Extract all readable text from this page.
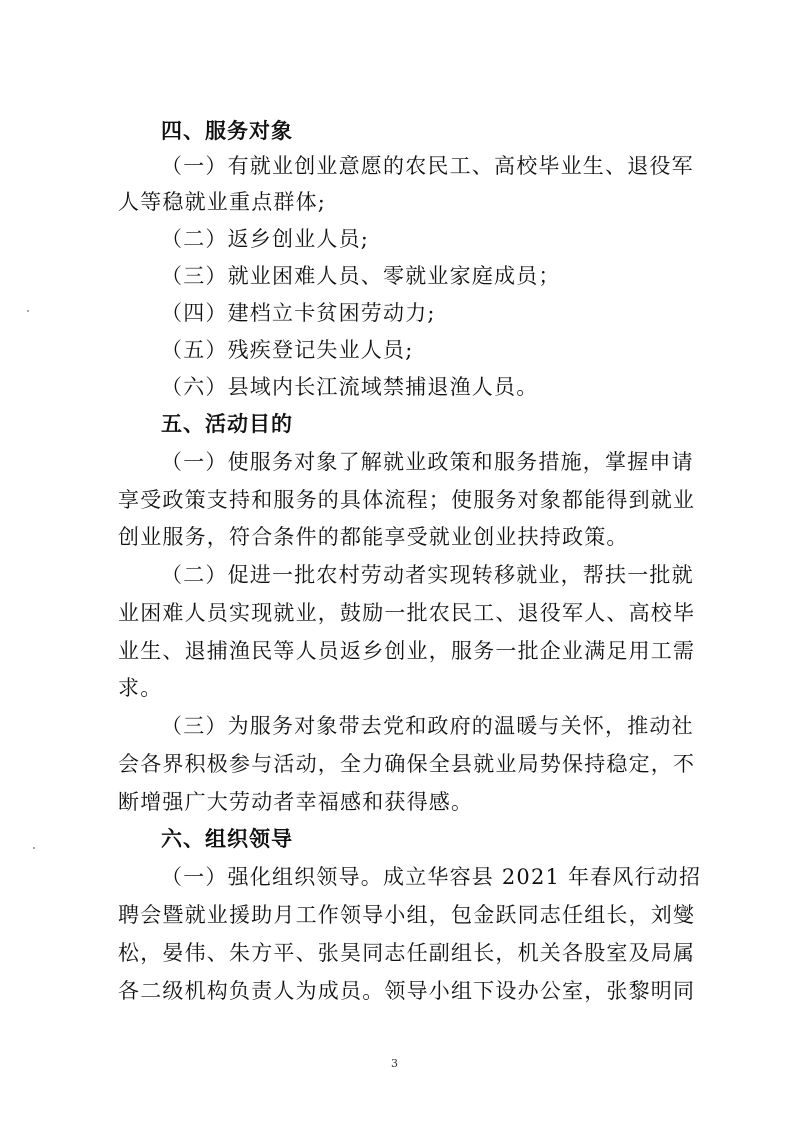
四、服务对象
（一）有就业创业意愿的农民工、高校毕业生、退役军
人等稳就业重点群体;
（二）返乡创业人员;
（三）就业困难人员、零就业家庭成员；
（四）建档立卡贫困劳动力;
（五）残疾登记失业人员;
（六）县域内长江流域禁捕退渔人员。
五、活动目的
（一）使服务对象了解就业政策和服务措施，掌握申请
享受政策支持和服务的具体流程；使服务对象都能得到就业
创业服务，符合条件的都能享受就业创业扶持政策。
（二）促进一批农村劳动者实现转移就业，帮扶一批就
业困难人员实现就业，鼓励一批农民工、退役军人、高校毕
业生、退捕渔民等人员返乡创业，服务一批企业满足用工需
求。
（三）为服务对象带去党和政府的温暖与关怀，推动社
会各界积极参与活动，全力确保全县就业局势保持稳定，不
断增强广大劳动者幸福感和获得感。
六、组织领导
（一）强化组织领导。成立华容县 2021 年春风行动招
聘会暨就业援助月工作领导小组，包金跃同志任组长，刘燮
松，晏伟、朱方平、张昊同志任副组长，机关各股室及局属
各二级机构负责人为成员。领导小组下设办公室，张黎明同
3
